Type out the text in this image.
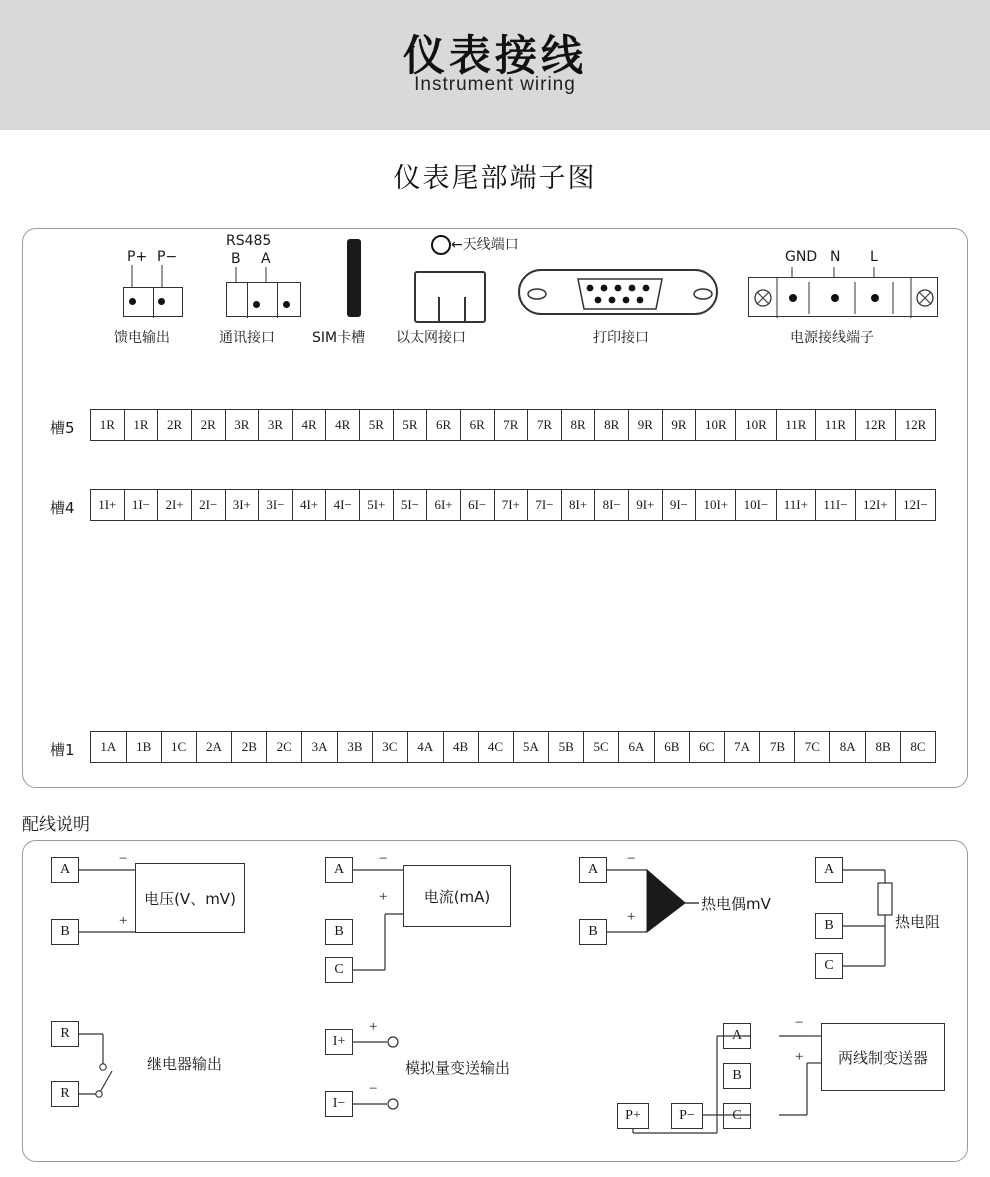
仪表接线
Instrument wiring
仪表尾部端子图
P+ P−
馈电输出
RS485
B A
通讯接口	SIM卡槽
←天线端口
以太网接口	打印接口
GND N L
电源接线端子
槽5	1R	1R	2R	2R	3R	3R	4R	4R	5R	5R	6R	6R	7R	7R	8R	8R	9R	9R	10R	10R	11R	11R	12R	12R
槽4	1I+	1I−	2I+	2I−	3I+	3I−	4I+	4I−	5I+	5I−	6I+	6I−	7I+	7I−	8I+	8I−	9I+	9I−	10I+	10I−	11I+	11I−	12I+	12I−
槽1	1A	1B	1C	2A	2B	2C	3A	3B	3C	4A	4B	4C	5A	5B	5C	6A	6B	6C	7A	7B	7C	8A	8B	8C
配线说明
A
B
−
+
电压(V、mV)
A
B
C
−
+	电流(mA)
A
B
−
+
热电偶mV
A
B
C
热电阻
R
R
继电器输出
I+
I−
+
−
模拟量变送输出
A
B
C
P+	P−
−
+	两线制变送器
